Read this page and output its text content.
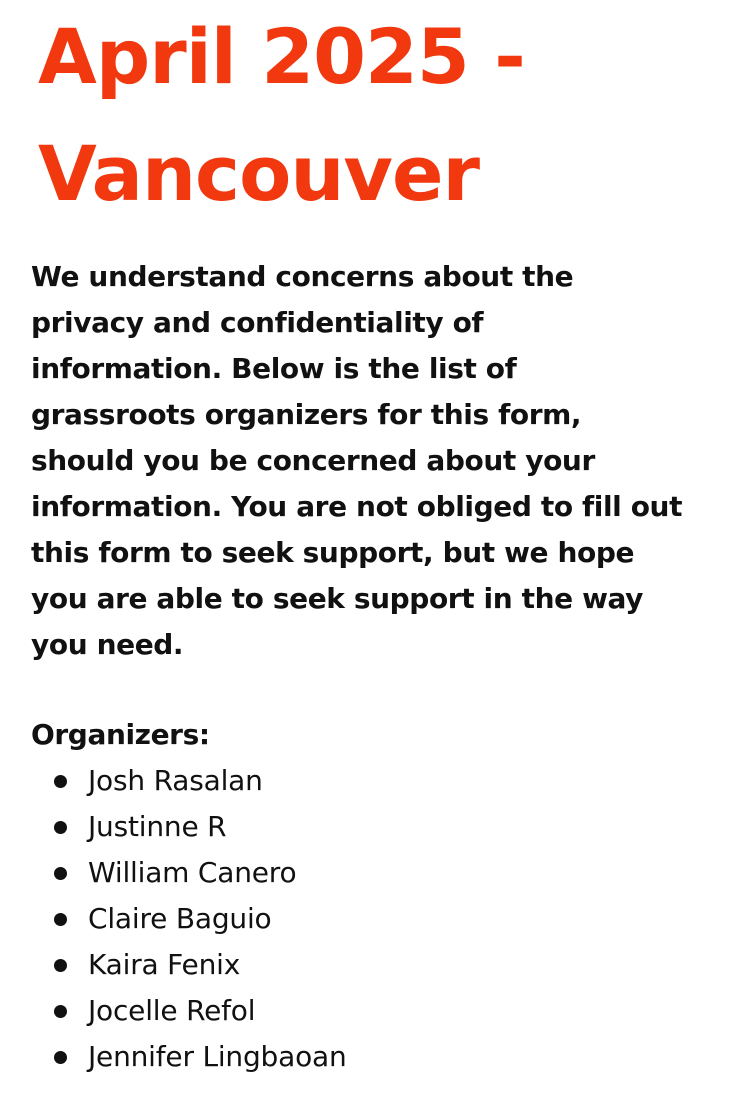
April 2025 -
Vancouver

We understand concerns about the
privacy and confidentiality of
information. Below is the list of
grassroots organizers for this form,
should you be concerned about your
information. You are not obliged to fill out
this form to seek support, but we hope
you are able to seek support in the way
you need.

Organizers:

Josh Rasalan
Justinne R
William Canero
Claire Baguio
Kaira Fenix
Jocelle Refol
Jennifer Lingbaoan
